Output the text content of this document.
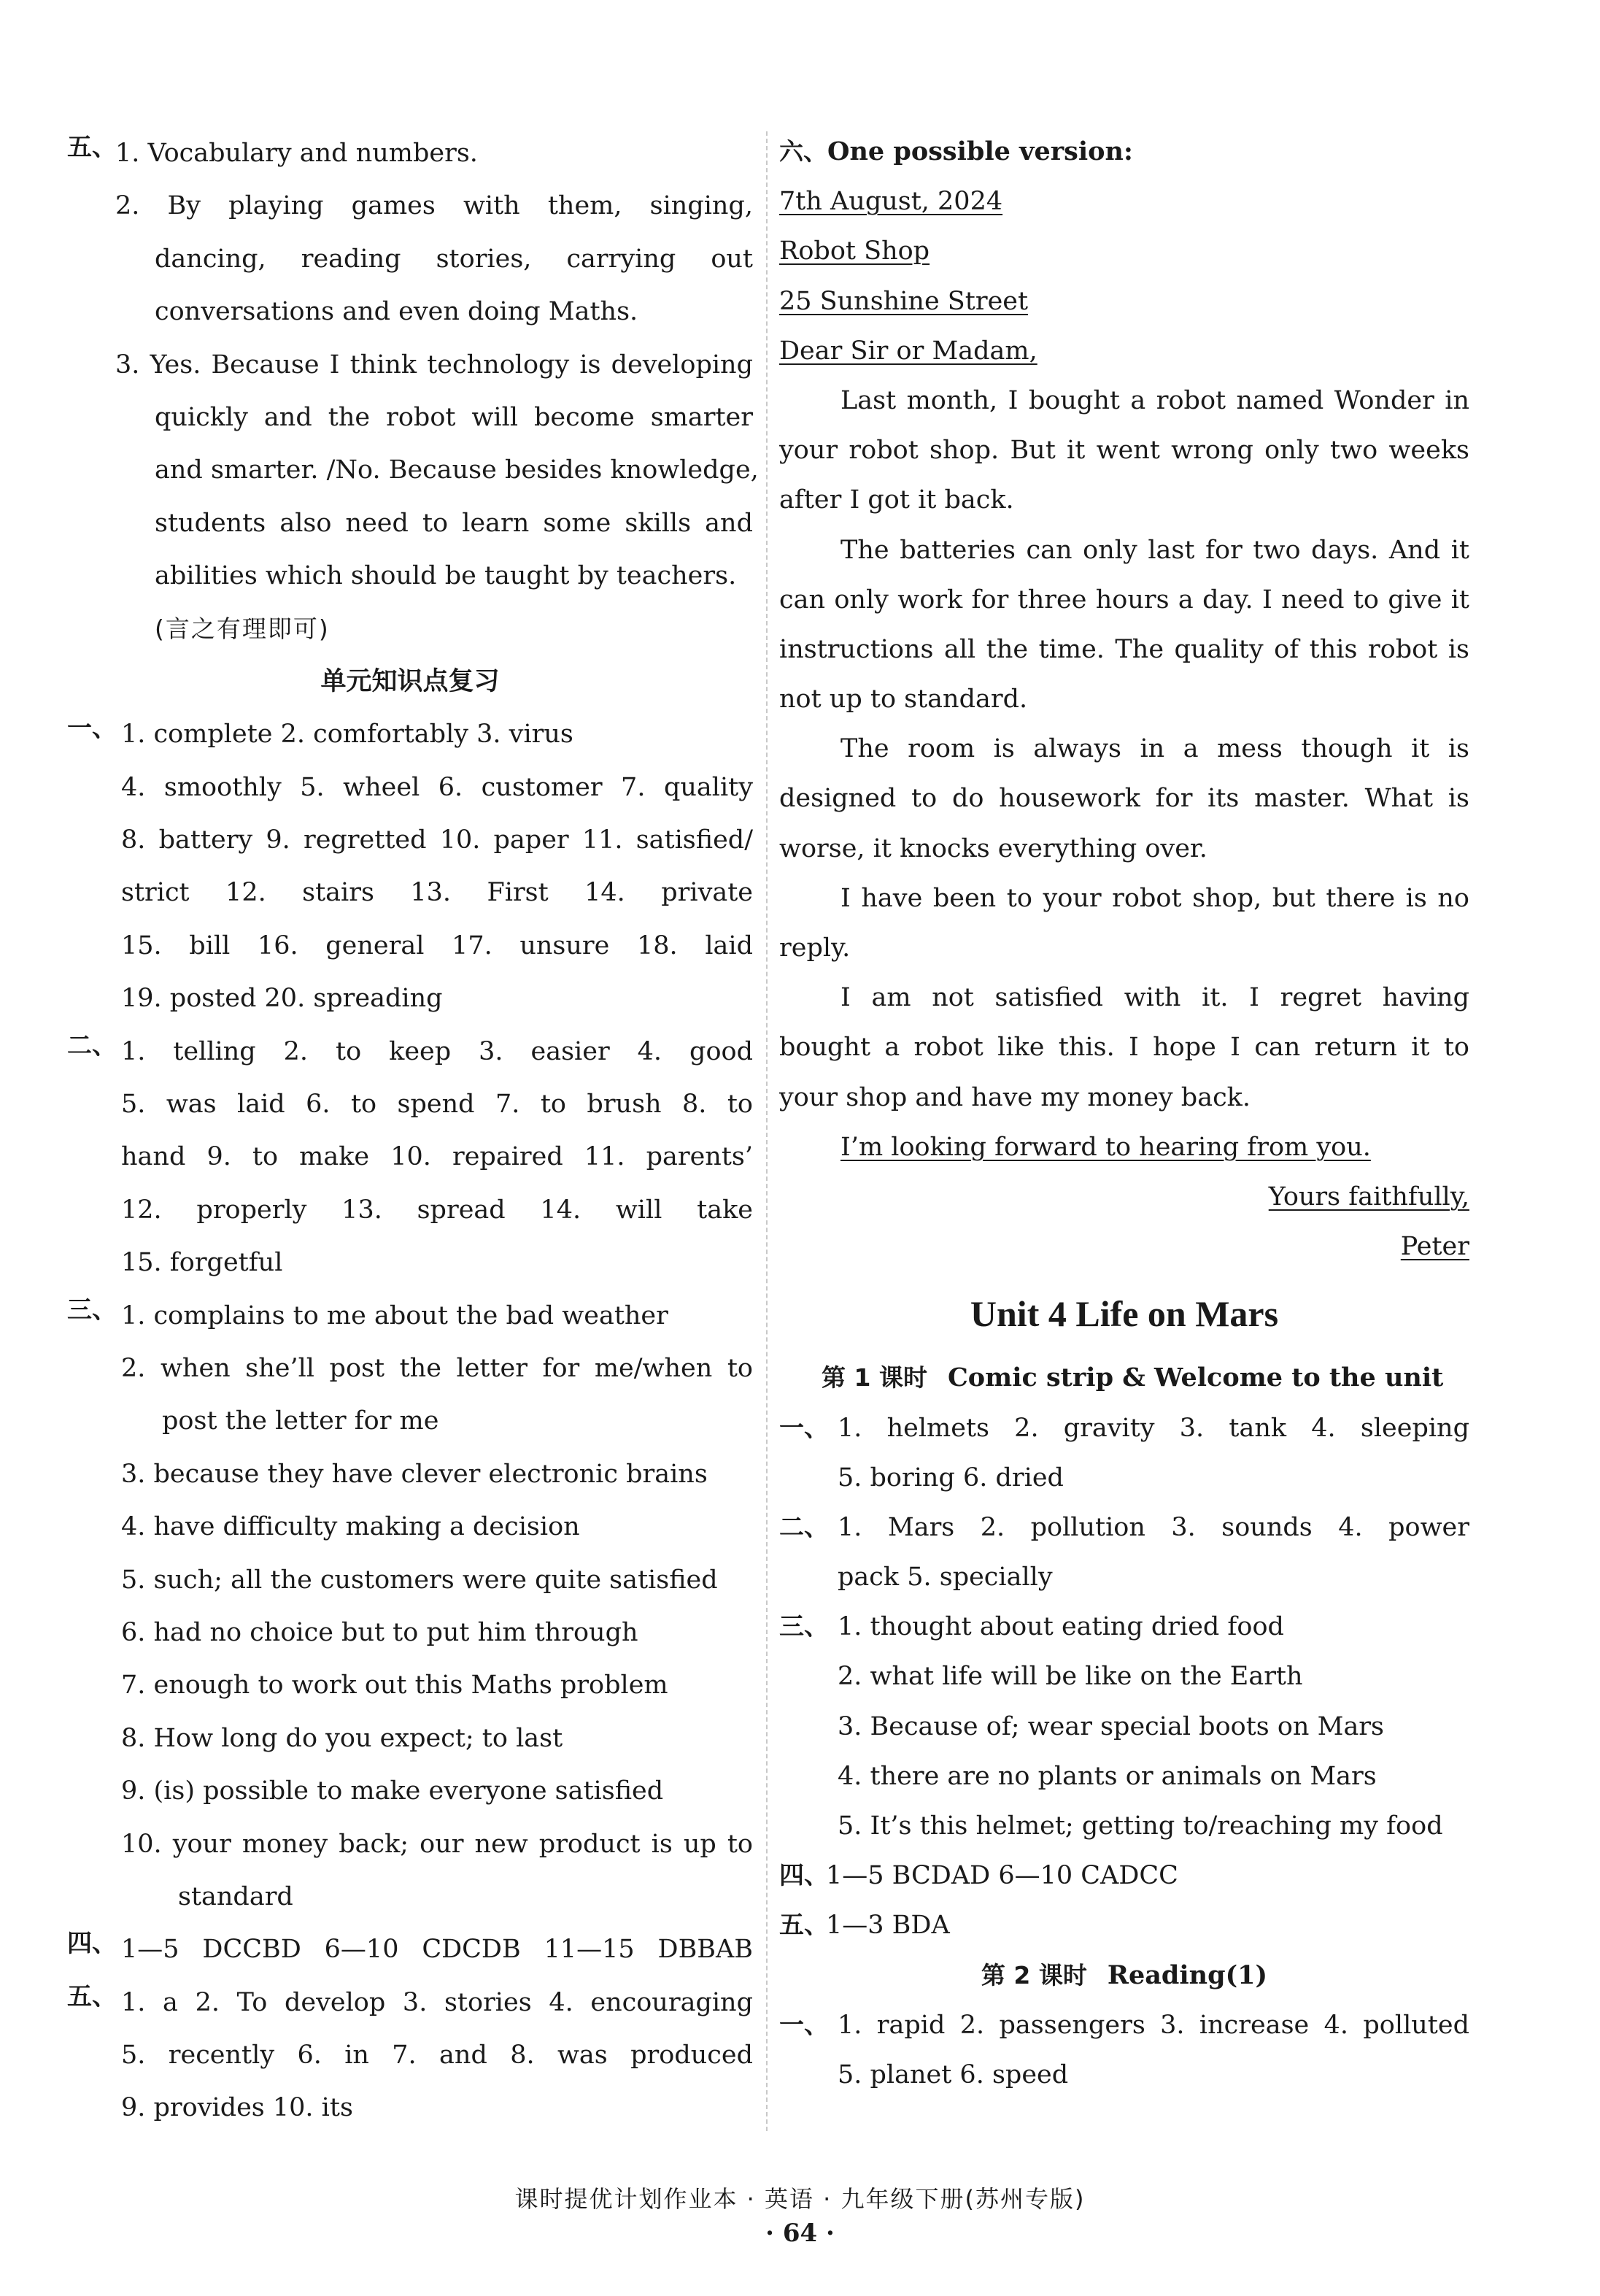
五、
1. Vocabulary and numbers.
2. By playing games with them, singing,
dancing, reading stories, carrying out
conversations and even doing Maths.
3. Yes. Because I think technology is developing
quickly and the robot will become smarter
and smarter. /No. Because besides knowledge,
students also need to learn some skills and
abilities which should be taught by teachers.
(言之有理即可)
单元知识点复习
一、 1. complete 2. comfortably 3. virus
4. smoothly 5. wheel 6. customer 7. quality
8. battery 9. regretted 10. paper 11. satisfied/
strict 12. stairs 13. First 14. private
15. bill 16. general 17. unsure 18. laid
19. posted 20. spreading
二、 1. telling 2. to keep 3. easier 4. good
5. was laid 6. to spend 7. to brush 8. to
hand 9. to make 10. repaired 11. parents’
12. properly 13. spread 14. will take
15. forgetful
三、 1. complains to me about the bad weather
2. when she’ll post the letter for me/when to
post the letter for me
3. because they have clever electronic brains
4. have difficulty making a decision
5. such; all the customers were quite satisfied
6. had no choice but to put him through
7. enough to work out this Maths problem
8. How long do you expect; to last
9. (is) possible to make everyone satisfied
10. your money back; our new product is up to
standard
四、 1—5 DCCBD 6—10 CDCDB 11—15 DBBAB
五、 1. a 2. To develop 3. stories 4. encouraging
5. recently 6. in 7. and 8. was produced
9. provides 10. its
六、One possible version:
7th August, 2024
Robot Shop
25 Sunshine Street
Dear Sir or Madam,
Last month, I bought a robot named Wonder in
your robot shop. But it went wrong only two weeks
after I got it back.
The batteries can only last for two days. And it
can only work for three hours a day. I need to give it
instructions all the time. The quality of this robot is
not up to standard.
The room is always in a mess though it is
designed to do housework for its master. What is
worse, it knocks everything over.
I have been to your robot shop, but there is no
reply.
I am not satisfied with it. I regret having
bought a robot like this. I hope I can return it to
your shop and have my money back.
I’m looking forward to hearing from you.
Yours faithfully,
Peter
Unit 4 Life on Mars
第 1 课时 Comic strip & Welcome to the unit
一、 1. helmets 2. gravity 3. tank 4. sleeping
5. boring 6. dried
二、 1. Mars 2. pollution 3. sounds 4. power
pack 5. specially
三、 1. thought about eating dried food
2. what life will be like on the Earth
3. Because of; wear special boots on Mars
4. there are no plants or animals on Mars
5. It’s this helmet; getting to/reaching my food
四、
1—5 BCDAD 6—10 CADCC
五、
1—3 BDA
第 2 课时 Reading(1)
一、 1. rapid 2. passengers 3. increase 4. polluted
5. planet 6. speed
课时提优计划作业本 · 英语 · 九年级下册(苏州专版)
· 64 ·
